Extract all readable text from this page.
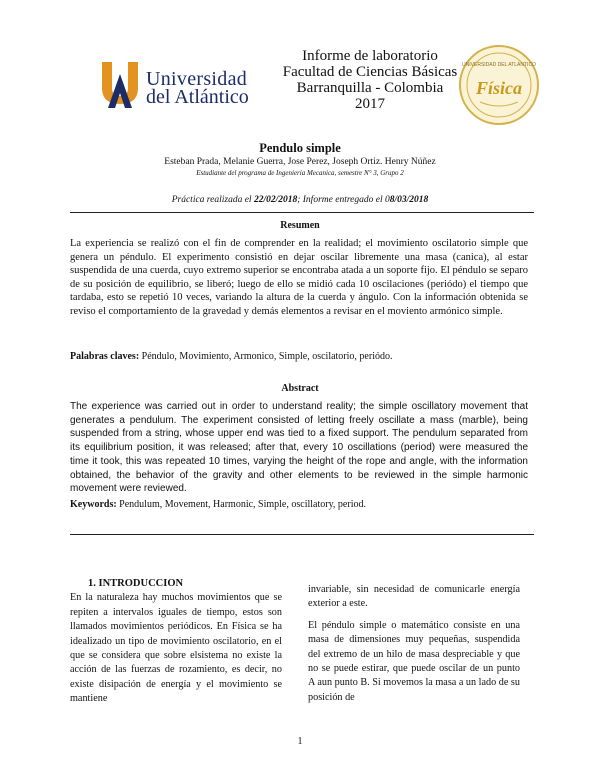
Universidad
del Atlántico
Informe de laboratorio
Facultad de Ciencias Básicas
Barranquilla - Colombia
2017
UNIVERSIDAD DEL ATLÁNTICO
Física
Pendulo simple
Esteban Prada, Melanie Guerra, Jose Perez, Joseph Ortiz. Henry Núñez
Estudiante del programa de Ingeniería Mecanica, semestre N° 3, Grupo 2
Práctica realizada el 22/02/2018; Informe entregado el 08/03/2018
Resumen
La experiencia se realizó con el fin de comprender en la realidad; el movimiento oscilatorio simple que genera un péndulo. El experimento consistió en dejar oscilar libremente una masa (canica), al estar suspendida de una cuerda, cuyo extremo superior se encontraba atada a un soporte fijo. El péndulo se separo de su posición de equilibrio, se liberó; luego de ello se midió cada 10 oscilaciones (periódo) el tiempo que tardaba, esto se repetió 10 veces, variando la altura de la cuerda y ángulo. Con la información obtenida se reviso el comportamiento de la gravedad y demás elementos a revisar en el moviento armónico simple.
Palabras claves: Péndulo, Movimiento, Armonico, Simple, oscilatorio, periódo.
Abstract
The experience was carried out in order to understand reality; the simple oscillatory movement that generates a pendulum. The experiment consisted of letting freely oscillate a mass (marble), being suspended from a string, whose upper end was tied to a fixed support. The pendulum separated from its equilibrium position, it was released; after that, every 10 oscillations (period) were measured the time it took, this was repeated 10 times, varying the height of the rope and angle, with the information obtained, the behavior of the gravity and other elements to be reviewed in the simple harmonic movement were reviewed.
Keywords: Pendulum, Movement, Harmonic, Simple, oscillatory, period.
1. INTRODUCCION

En la naturaleza hay muchos movimientos que se repiten a intervalos iguales de tiempo, estos son llamados movimientos periódicos. En Física se ha idealizado un tipo de movimiento oscilatorio, en el que se considera que sobre elsistema no existe la acción de las fuerzas de rozamiento, es decir, no existe disipación de energía y el movimiento se mantiene

invariable, sin necesidad de comunicarle energía exterior a este.

El péndulo simple o matemático consiste en una masa de dimensiones muy pequeñas, suspendida del extremo de un hilo de masa despreciable y que no se puede estirar, que puede oscilar de un punto A aun punto B. Si movemos la masa a un lado de su posición de

1
